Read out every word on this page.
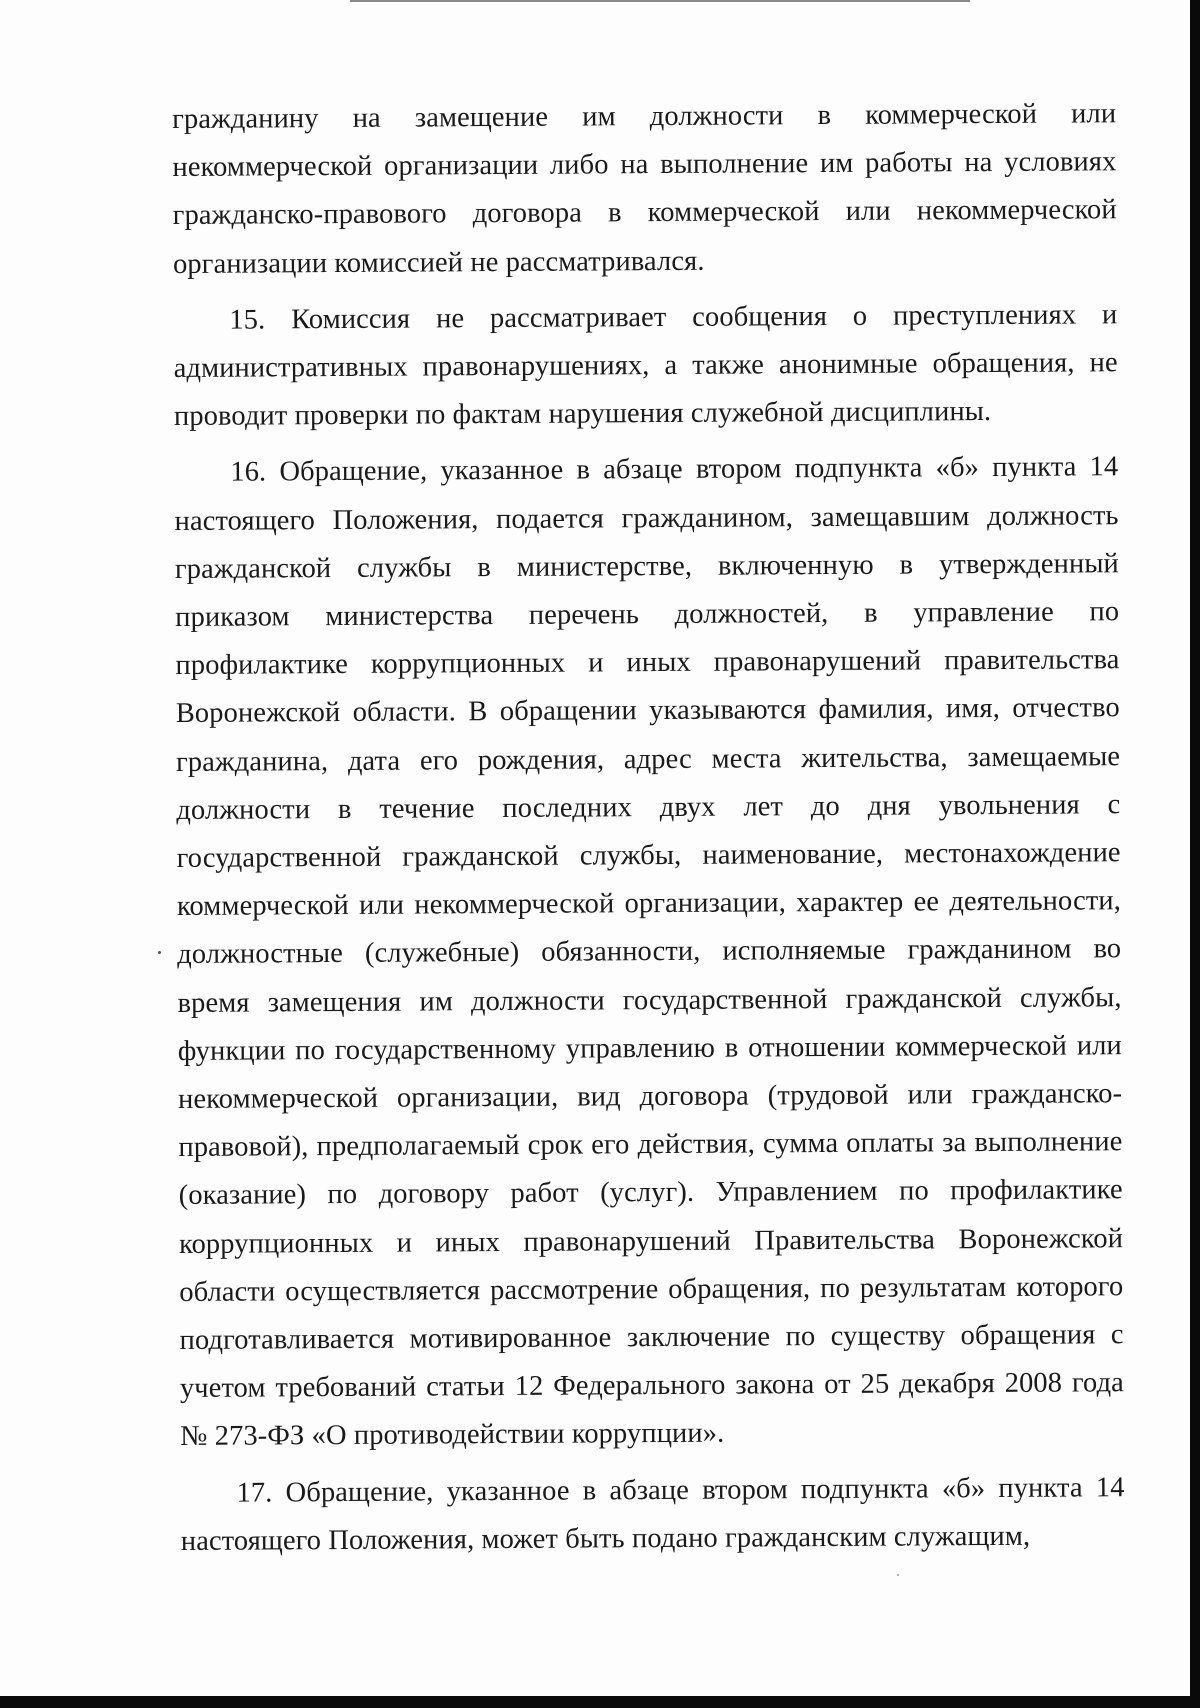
гражданину на замещение им должности в коммерческой или некоммерческой организации либо на выполнение им работы на условиях гражданско-правового договора в коммерческой или некоммерческой организации комиссией не рассматривался.

15. Комиссия не рассматривает сообщения о преступлениях и административных правонарушениях, а также анонимные обращения, не проводит проверки по фактам нарушения служебной дисциплины.

16. Обращение, указанное в абзаце втором подпункта «б» пункта 14 настоящего Положения, подается гражданином, замещавшим должность гражданской службы в министерстве, включенную в утвержденный приказом министерства перечень должностей, в управление по профилактике коррупционных и иных правонарушений правительства Воронежской области. В обращении указываются фамилия, имя, отчество гражданина, дата его рождения, адрес места жительства, замещаемые должности в течение последних двух лет до дня увольнения с государственной гражданской службы, наименование, местонахождение коммерческой или некоммерческой организации, характер ее деятельности, должностные (служебные) обязанности, исполняемые гражданином во время замещения им должности государственной гражданской службы, функции по государственному управлению в отношении коммерческой или некоммерческой организации, вид договора (трудовой или гражданско-правовой), предполагаемый срок его действия, сумма оплаты за выполнение (оказание) по договору работ (услуг). Управлением по профилактике коррупционных и иных правонарушений Правительства Воронежской области осуществляется рассмотрение обращения, по результатам которого подготавливается мотивированное заключение по существу обращения с учетом требований статьи 12 Федерального закона от 25 декабря 2008 года № 273-ФЗ «О противодействии коррупции».

17. Обращение, указанное в абзаце втором подпункта «б» пункта 14 настоящего Положения, может быть подано гражданским служащим,
